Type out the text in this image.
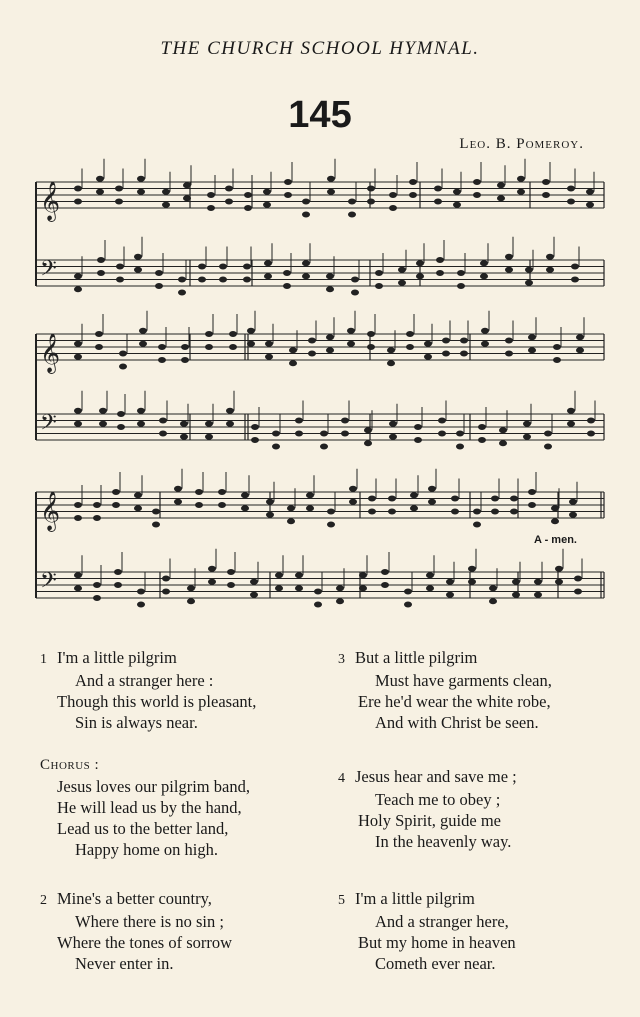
THE CHURCH SCHOOL HYMNAL.
145
Leo. B. Pomeroy.
𝄞
𝄢
𝄞
𝄢
𝄞
𝄢
A - men.
1 I'm a little pilgrim
And a stranger here :
Though this world is pleasant,
Sin is always near.
Chorus :
Jesus loves our pilgrim band,
He will lead us by the hand,
Lead us to the better land,
Happy home on high.
2 Mine's a better country,
Where there is no sin ;
Where the tones of sorrow
Never enter in.
3 But a little pilgrim
Must have garments clean,
Ere he'd wear the white robe,
And with Christ be seen.
4 Jesus hear and save me ;
Teach me to obey ;
Holy Spirit, guide me
In the heavenly way.
5 I'm a little pilgrim
And a stranger here,
But my home in heaven
Cometh ever near.
